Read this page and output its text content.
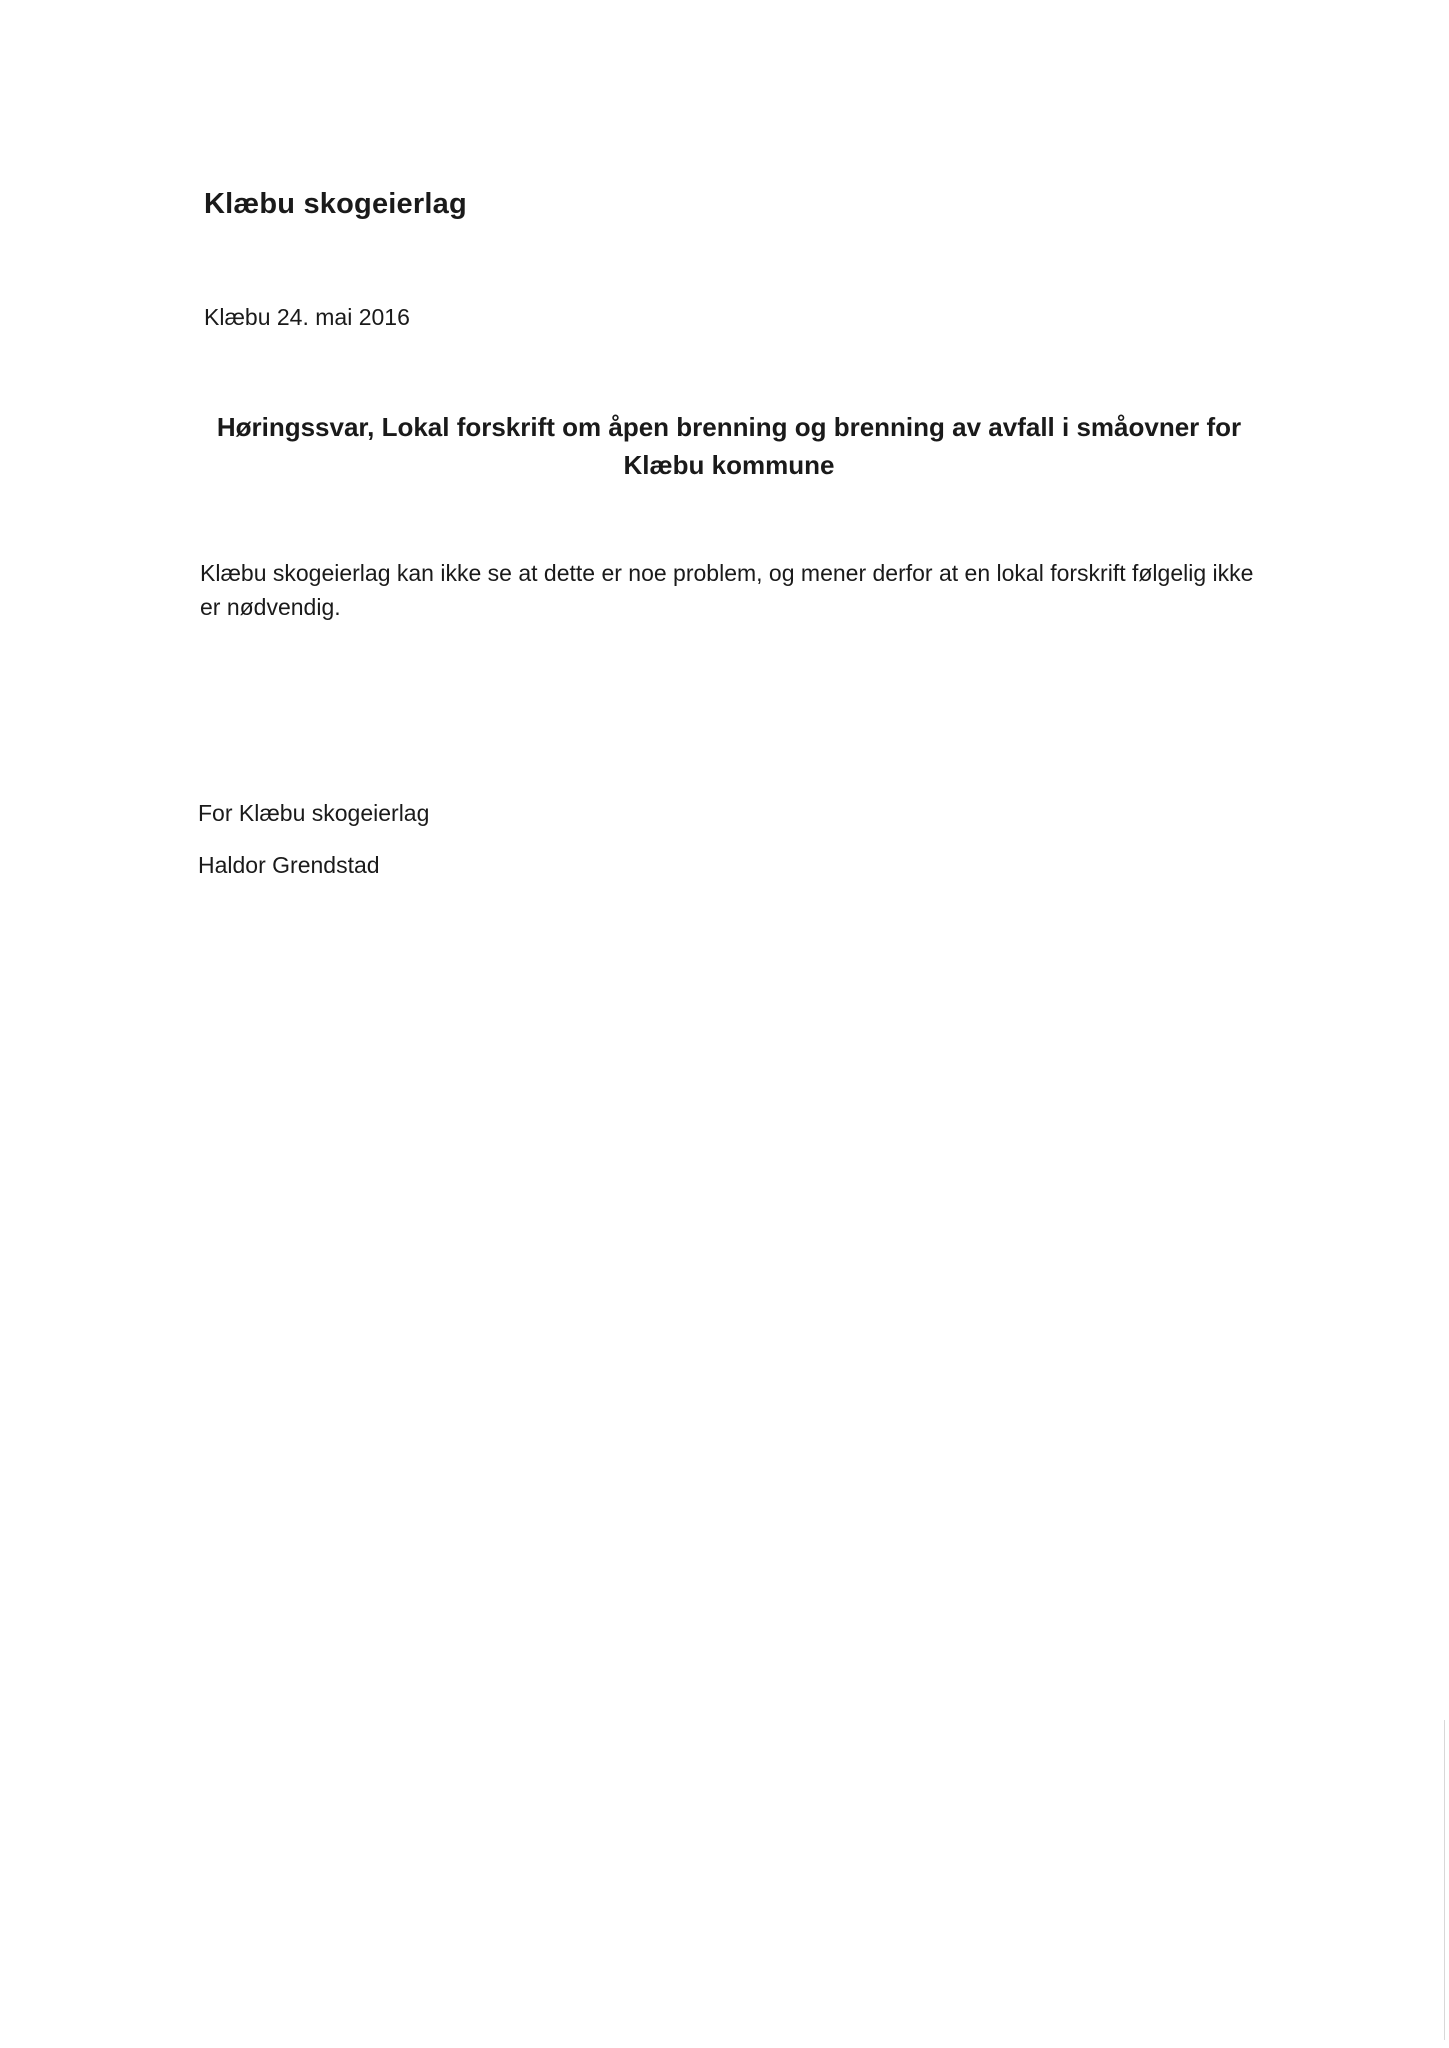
Klæbu skogeierlag
Klæbu 24. mai 2016
Høringssvar, Lokal forskrift om åpen brenning og brenning av avfall i småovner for Klæbu kommune
Klæbu skogeierlag kan ikke se at dette er noe problem, og mener derfor at en lokal forskrift følgelig ikke er nødvendig.
For Klæbu skogeierlag
Haldor Grendstad
